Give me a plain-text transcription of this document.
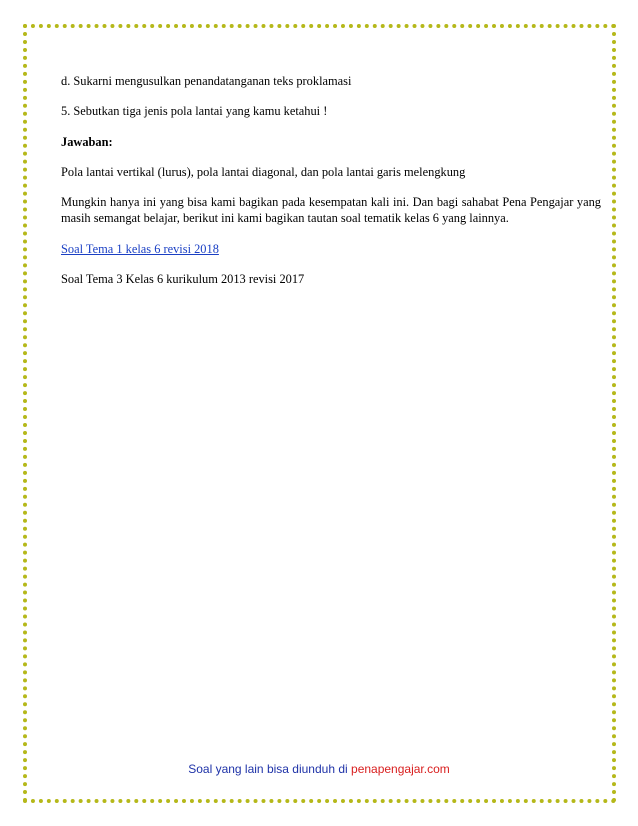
d. Sukarni mengusulkan penandatanganan teks proklamasi

5. Sebutkan tiga jenis pola lantai yang kamu ketahui !

Jawaban:

Pola lantai vertikal (lurus), pola lantai diagonal, dan pola lantai garis melengkung

Mungkin hanya ini yang bisa kami bagikan pada kesempatan kali ini. Dan bagi sahabat Pena Pengajar yang masih semangat belajar, berikut ini kami bagikan tautan soal tematik kelas 6 yang lainnya.

Soal Tema 1 kelas 6 revisi 2018

Soal Tema 3 Kelas 6 kurikulum 2013 revisi 2017

Soal yang lain bisa diunduh di penapengajar.com
